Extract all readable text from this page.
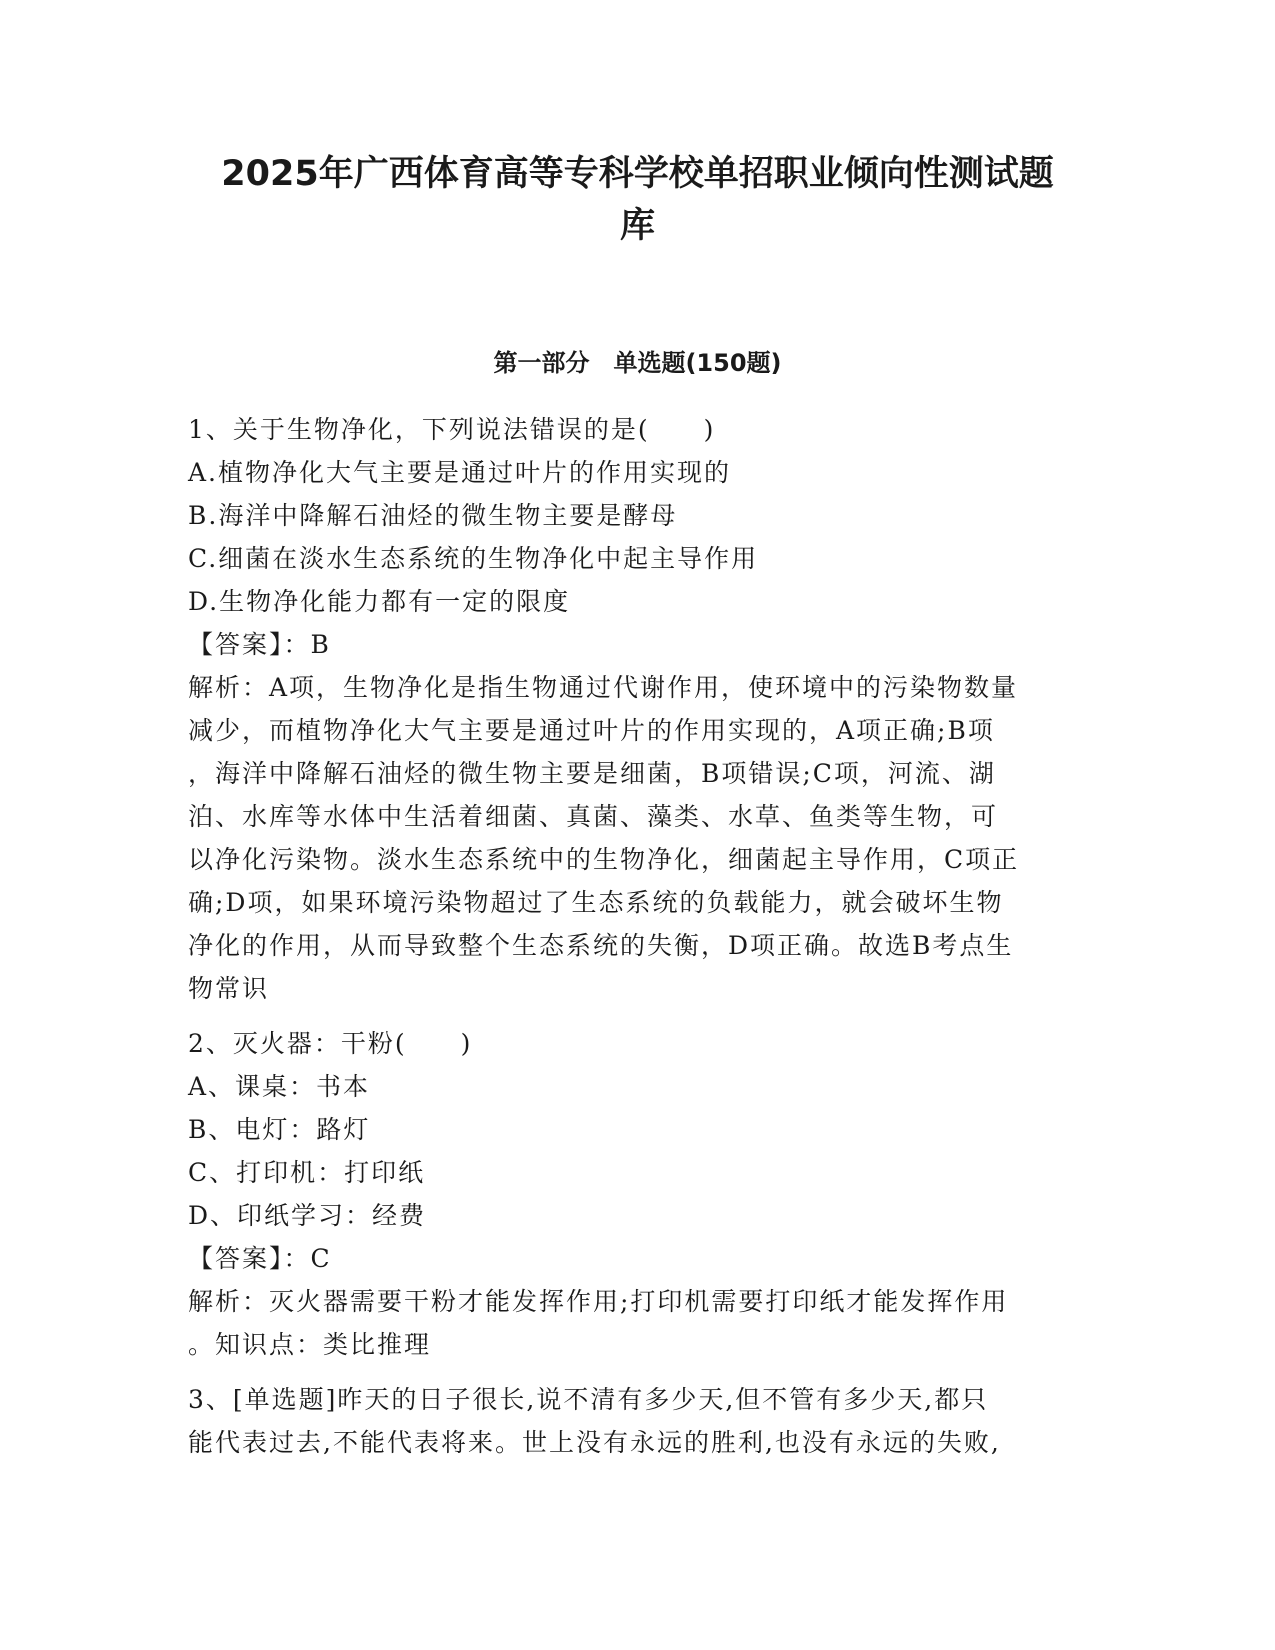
2025年广西体育高等专科学校单招职业倾向性测试题
库
第一部分　单选题(150题)
1、关于生物净化，下列说法错误的是(　　)
A.植物净化大气主要是通过叶片的作用实现的
B.海洋中降解石油烃的微生物主要是酵母
C.细菌在淡水生态系统的生物净化中起主导作用
D.生物净化能力都有一定的限度
【答案】：B
解析：A项，生物净化是指生物通过代谢作用，使环境中的污染物数量
减少，而植物净化大气主要是通过叶片的作用实现的，A项正确;B项
，海洋中降解石油烃的微生物主要是细菌，B项错误;C项，河流、湖
泊、水库等水体中生活着细菌、真菌、藻类、水草、鱼类等生物，可
以净化污染物。淡水生态系统中的生物净化，细菌起主导作用，C项正
确;D项，如果环境污染物超过了生态系统的负载能力，就会破坏生物
净化的作用，从而导致整个生态系统的失衡，D项正确。故选B考点生
物常识
2、灭火器：干粉(　　)
A、课桌：书本
B、电灯：路灯
C、打印机：打印纸
D、印纸学习：经费
【答案】：C
解析：灭火器需要干粉才能发挥作用;打印机需要打印纸才能发挥作用
。知识点：类比推理
3、[单选题]昨天的日子很长,说不清有多少天,但不管有多少天,都只
能代表过去,不能代表将来。世上没有永远的胜利,也没有永远的失败,
